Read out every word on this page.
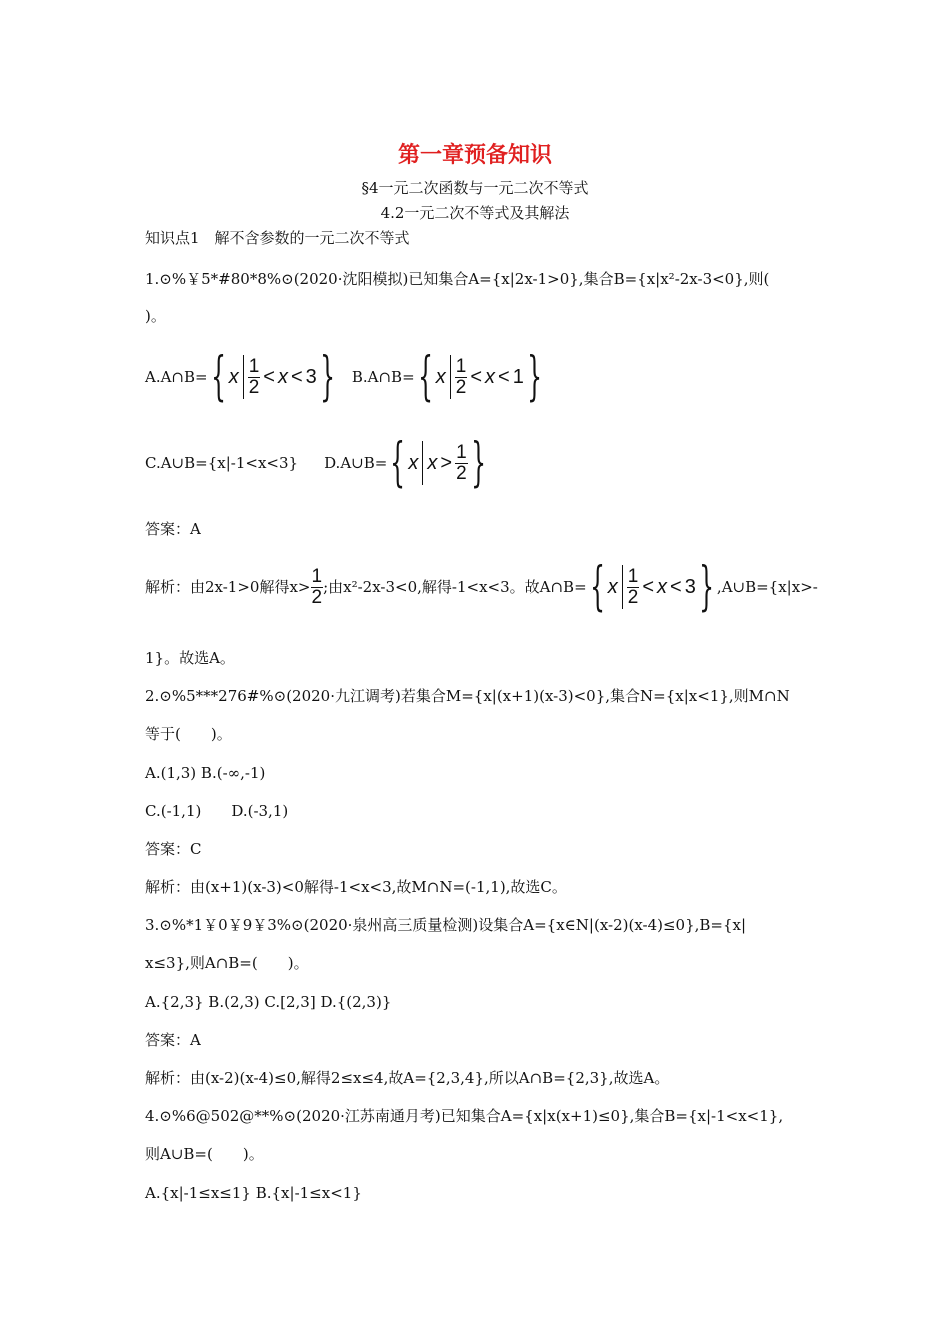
第一章预备知识
§4一元二次函数与一元二次不等式
4.2一元二次不等式及其解法
知识点1　解不含参数的一元二次不等式
1.⊙%￥5*#80*8%⊙(2020·沈阳模拟)已知集合A={x|2x-1>0},集合B={x|x²-2x-3<0},则(
)。
A.A∩B= { x $\frac{1}{2} < x < 3$ } B.A∩B= { x $\frac{1}{2} < x < 1$ }
C.A∪B={x|-1<x<3} D.A∪B= { x $x > \frac{1}{2}$ }
答案：A
解析：由2x-1>0解得$x> \frac{1}{2}$ ;由x²-2x-3<0,解得-1<x<3。故A∩B= { x $\frac{1}{2} < x < 3$ } ,A∪B={x|x>-
1}。故选A。
2.⊙%5***276#%⊙(2020·九江调考)若集合M={x|(x+1)(x-3)<0},集合N={x|x<1},则M∩N
等于(　　)。
A.(1,3) B.(-∞,-1)
C.(-1,1)　　D.(-3,1)
答案：C
解析：由(x+1)(x-3)<0解得-1<x<3,故M∩N=(-1,1),故选C。
3.⊙%*1￥0￥9￥3%⊙(2020·泉州高三质量检测)设集合A={x∈N|(x-2)(x-4)≤0},B={x|
x≤3},则A∩B=(　　)。
A.{2,3} B.(2,3) C.[2,3] D.{(2,3)}
答案：A
解析：由(x-2)(x-4)≤0,解得2≤x≤4,故A={2,3,4},所以A∩B={2,3},故选A。
4.⊙%6@502@**%⊙(2020·江苏南通月考)已知集合A={x|x(x+1)≤0},集合B={x|-1<x<1},
则A∪B=(　　)。
A.{x|-1≤x≤1} B.{x|-1≤x<1}
